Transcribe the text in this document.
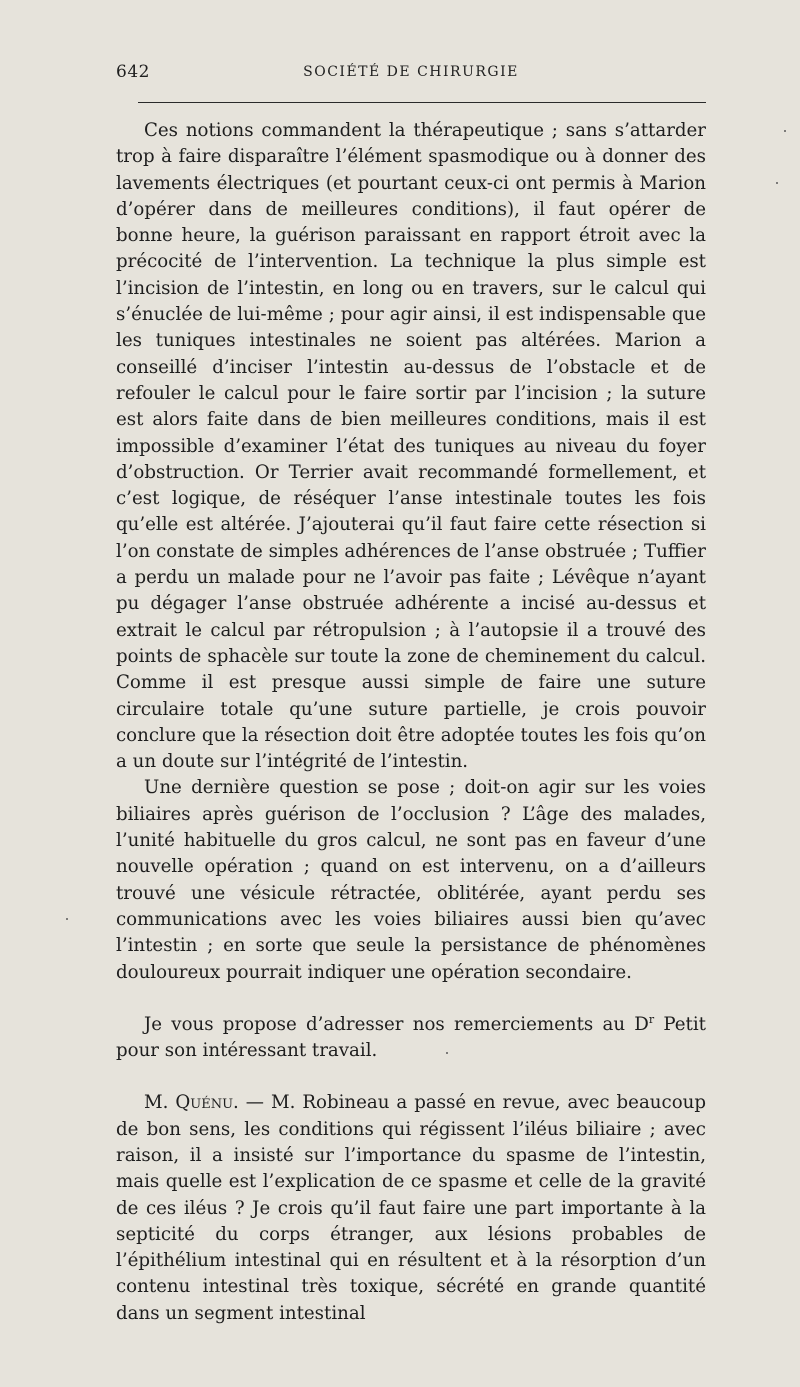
642	SOCIÉTÉ DE CHIRURGIE

Ces notions commandent la thérapeutique ; sans s’attarder trop à faire disparaître l’élément spasmodique ou à donner des lavements électriques (et pourtant ceux-ci ont permis à Marion d’opérer dans de meilleures conditions), il faut opérer de bonne heure, la guérison paraissant en rapport étroit avec la précocité de l’intervention. La technique la plus simple est l’incision de l’intestin, en long ou en travers, sur le calcul qui s’énuclée de lui-même ; pour agir ainsi, il est indispensable que les tuniques intestinales ne soient pas altérées. Marion a conseillé d’inciser l’intestin au-dessus de l’obstacle et de refouler le calcul pour le faire sortir par l’incision ; la suture est alors faite dans de bien meilleures conditions, mais il est impossible d’examiner l’état des tuniques au niveau du foyer d’obstruction. Or Terrier avait recommandé formellement, et c’est logique, de réséquer l’anse intestinale toutes les fois qu’elle est altérée. J’ajouterai qu’il faut faire cette résection si l’on constate de simples adhérences de l’anse obstruée ; Tuffier a perdu un malade pour ne l’avoir pas faite ; Lévêque n’ayant pu dégager l’anse obstruée adhérente a incisé au-dessus et extrait le calcul par rétropulsion ; à l’autopsie il a trouvé des points de sphacèle sur toute la zone de cheminement du calcul. Comme il est presque aussi simple de faire une suture circulaire totale qu’une suture partielle, je crois pouvoir conclure que la résection doit être adoptée toutes les fois qu’on a un doute sur l’intégrité de l’intestin.

Une dernière question se pose ; doit-on agir sur les voies biliaires après guérison de l’occlusion ? L’âge des malades, l’unité habituelle du gros calcul, ne sont pas en faveur d’une nouvelle opération ; quand on est intervenu, on a d’ailleurs trouvé une vésicule rétractée, oblitérée, ayant perdu ses communications avec les voies biliaires aussi bien qu’avec l’intestin ; en sorte que seule la persistance de phénomènes douloureux pourrait indiquer une opération secondaire.

Je vous propose d’adresser nos remerciements au $D^r$ Petit pour son intéressant travail.

M. Quénu. — M. Robineau a passé en revue, avec beaucoup de bon sens, les conditions qui régissent l’iléus biliaire ; avec raison, il a insisté sur l’importance du spasme de l’intestin, mais quelle est l’explication de ce spasme et celle de la gravité de ces iléus ? Je crois qu’il faut faire une part importante à la septicité du corps étranger, aux lésions probables de l’épithélium intestinal qui en résultent et à la résorption d’un contenu intestinal très toxique, sécrété en grande quantité dans un segment intestinal
